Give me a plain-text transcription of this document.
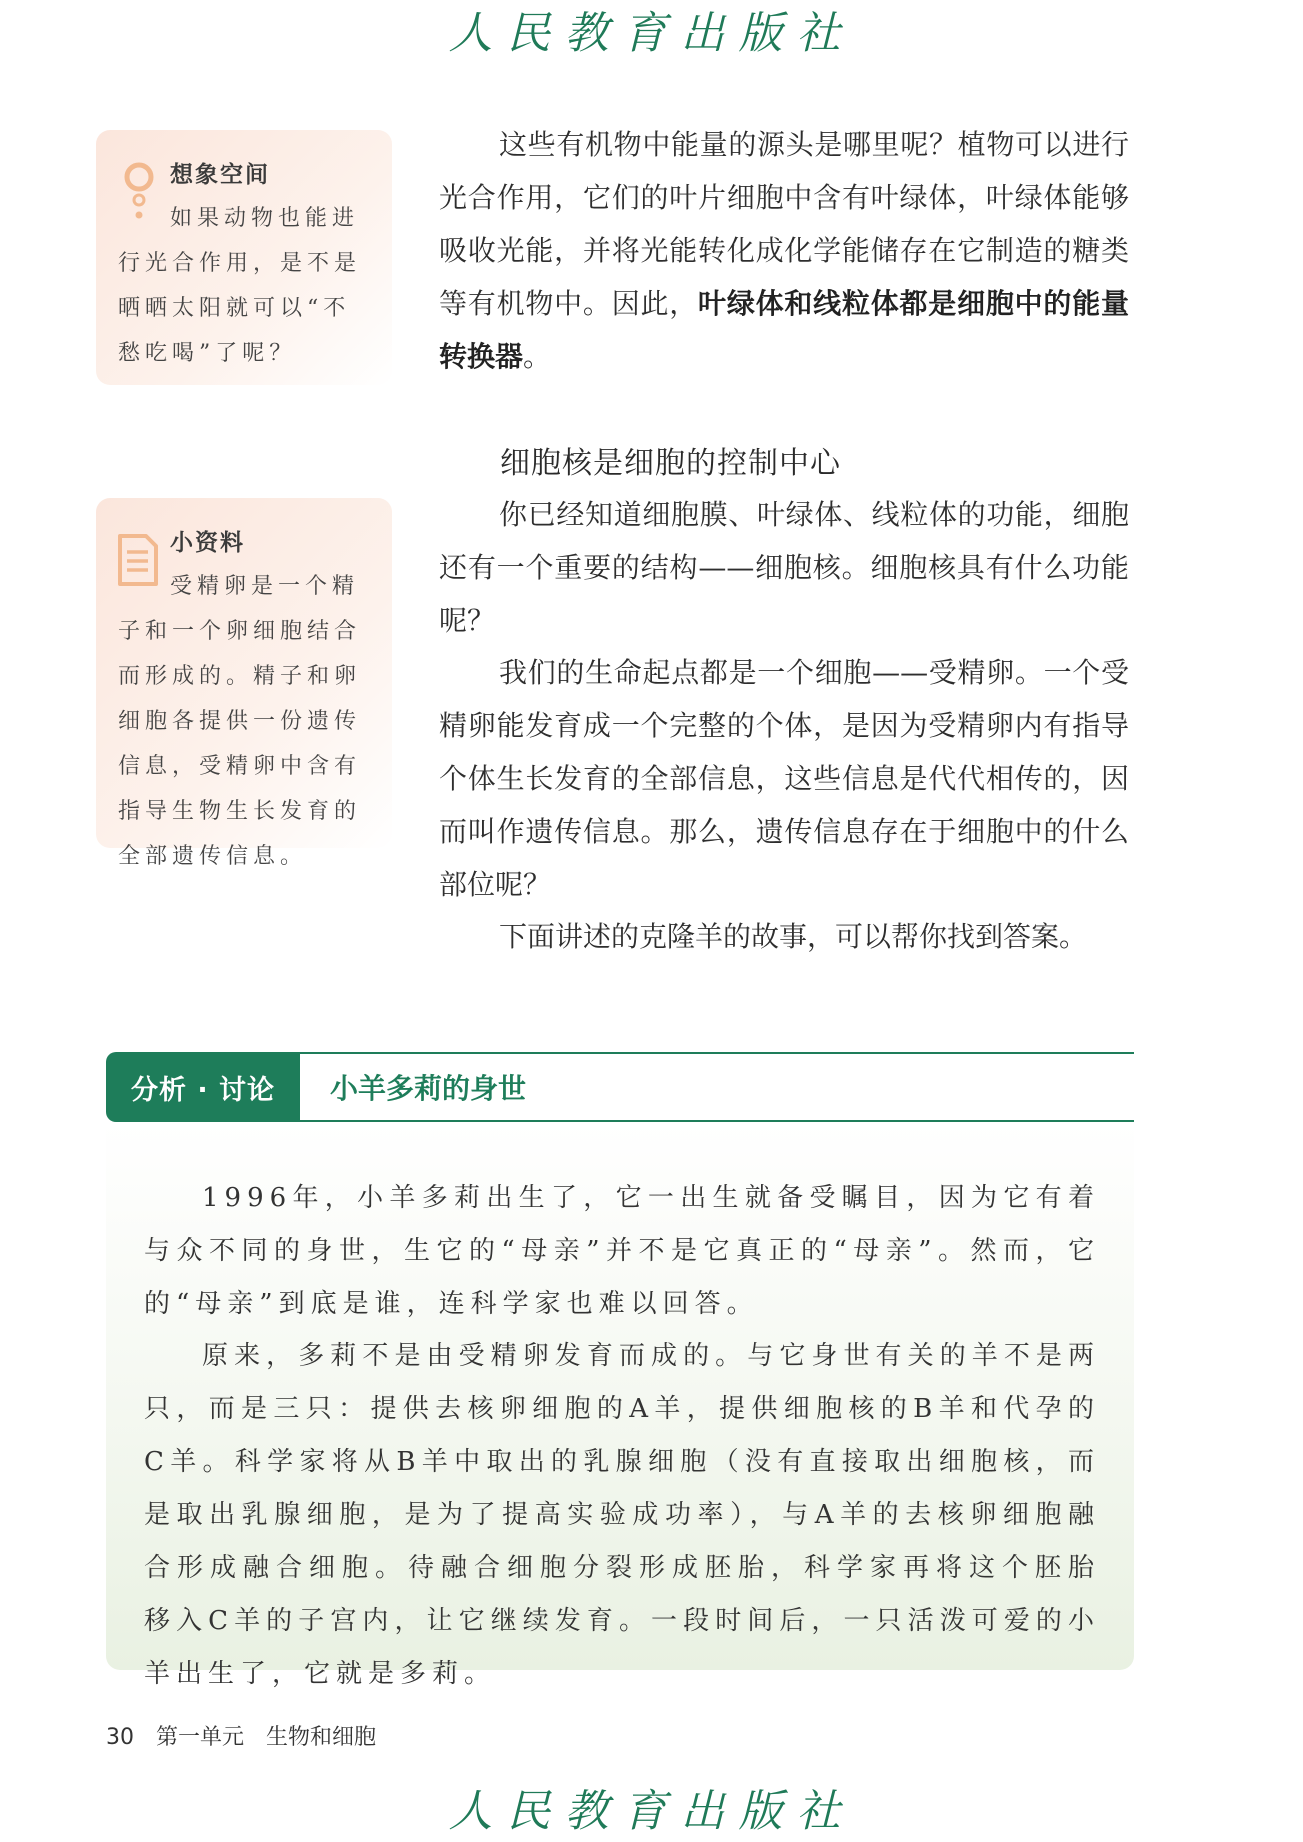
人民教育出版社
想象空间
如果动物也能进行光合作用，是不是晒晒太阳就可以“不愁吃喝”了呢？
小资料
受精卵是一个精子和一个卵细胞结合而形成的。精子和卵细胞各提供一份遗传信息，受精卵中含有指导生物生长发育的全部遗传信息。

这些有机物中能量的源头是哪里呢？植物可以进行光合作用，它们的叶片细胞中含有叶绿体，叶绿体能够吸收光能，并将光能转化成化学能储存在它制造的糖类等有机物中。因此，叶绿体和线粒体都是细胞中的能量转换器。

细胞核是细胞的控制中心

你已经知道细胞膜、叶绿体、线粒体的功能，细胞还有一个重要的结构——细胞核。细胞核具有什么功能呢？

我们的生命起点都是一个细胞——受精卵。一个受精卵能发育成一个完整的个体，是因为受精卵内有指导个体生长发育的全部信息，这些信息是代代相传的，因而叫作遗传信息。那么，遗传信息存在于细胞中的什么部位呢？

下面讲述的克隆羊的故事，可以帮你找到答案。

分析 · 讨论	小羊多莉的身世

1996年，小羊多莉出生了，它一出生就备受瞩目，因为它有着与众不同的身世，生它的“母亲”并不是它真正的“母亲”。然而，它的“母亲”到底是谁，连科学家也难以回答。

原来，多莉不是由受精卵发育而成的。与它身世有关的羊不是两只，而是三只：提供去核卵细胞的A羊，提供细胞核的B羊和代孕的C羊。科学家将从B羊中取出的乳腺细胞（没有直接取出细胞核，而是取出乳腺细胞，是为了提高实验成功率），与A羊的去核卵细胞融合形成融合细胞。待融合细胞分裂形成胚胎，科学家再将这个胚胎移入C羊的子宫内，让它继续发育。一段时间后，一只活泼可爱的小羊出生了，它就是多莉。

30 第一单元 生物和细胞
人民教育出版社
